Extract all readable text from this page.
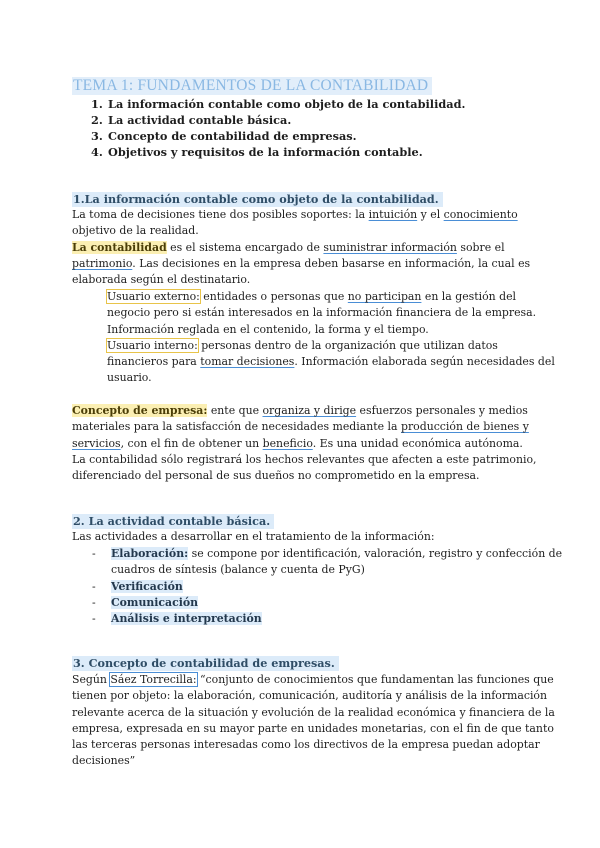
TEMA 1: FUNDAMENTOS DE LA CONTABILIDAD
1. La información contable como objeto de la contabilidad.
2. La actividad contable básica.
3. Concepto de contabilidad de empresas.
4. Objetivos y requisitos de la información contable.
1.La información contable como objeto de la contabilidad.
La toma de decisiones tiene dos posibles soportes: la intuición y el conocimiento
objetivo de la realidad.
La contabilidad es el sistema encargado de suministrar información sobre el
patrimonio. Las decisiones en la empresa deben basarse en información, la cual es
elaborada según el destinatario.
Usuario externo: entidades o personas que no participan en la gestión del
negocio pero si están interesados en la información financiera de la empresa.
Información reglada en el contenido, la forma y el tiempo.
Usuario interno: personas dentro de la organización que utilizan datos
financieros para tomar decisiones. Información elaborada según necesidades del
usuario.
Concepto de empresa: ente que organiza y dirige esfuerzos personales y medios
materiales para la satisfacción de necesidades mediante la producción de bienes y
servicios, con el fin de obtener un beneficio. Es una unidad económica autónoma.
La contabilidad sólo registrará los hechos relevantes que afecten a este patrimonio,
diferenciado del personal de sus dueños no comprometido en la empresa.
2. La actividad contable básica.
Las actividades a desarrollar en el tratamiento de la información:
- Elaboración: se compone por identificación, valoración, registro y confección de
cuadros de síntesis (balance y cuenta de PyG)
- Verificación
- Comunicación
- Análisis e interpretación
3. Concepto de contabilidad de empresas.
Según Sáez Torrecilla: “conjunto de conocimientos que fundamentan las funciones que
tienen por objeto: la elaboración, comunicación, auditoría y análisis de la información
relevante acerca de la situación y evolución de la realidad económica y financiera de la
empresa, expresada en su mayor parte en unidades monetarias, con el fin de que tanto
las terceras personas interesadas como los directivos de la empresa puedan adoptar
decisiones”
